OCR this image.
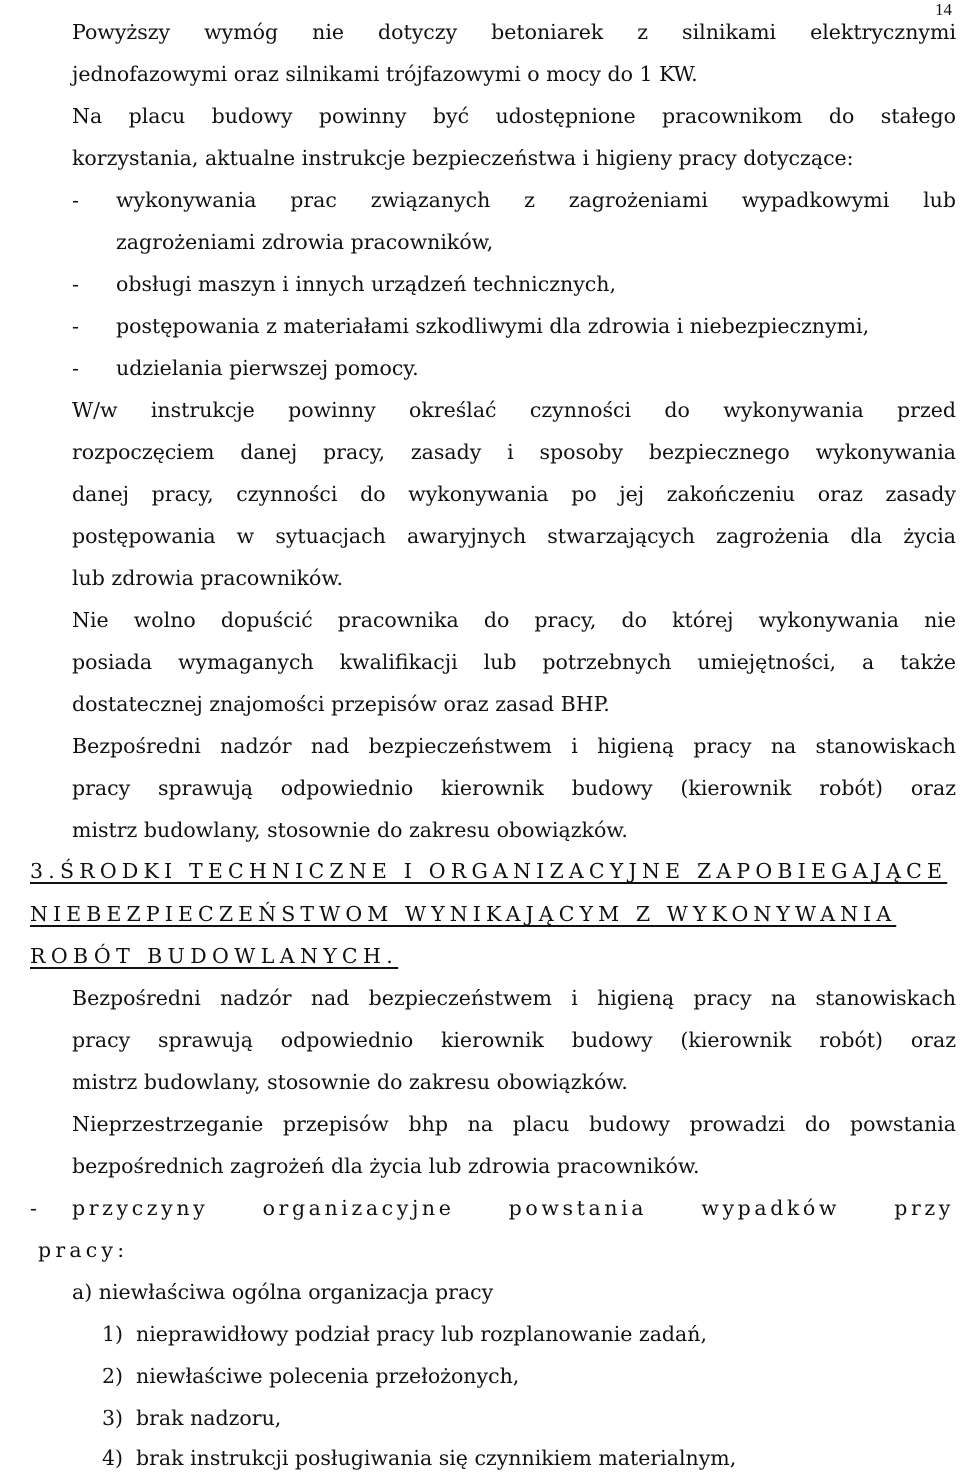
14
Powyższy wymóg nie dotyczy betoniarek z silnikami elektrycznymi
jednofazowymi oraz silnikami trójfazowymi o mocy do 1 KW.
Na placu budowy powinny być udostępnione pracownikom do stałego
korzystania, aktualne instrukcje bezpieczeństwa i higieny pracy dotyczące:
- wykonywania prac związanych z zagrożeniami wypadkowymi lub
zagrożeniami zdrowia pracowników,
- obsługi maszyn i innych urządzeń technicznych,
- postępowania z materiałami szkodliwymi dla zdrowia i niebezpiecznymi,
- udzielania pierwszej pomocy.
W/w instrukcje powinny określać czynności do wykonywania przed
rozpoczęciem danej pracy, zasady i sposoby bezpiecznego wykonywania
danej pracy, czynności do wykonywania po jej zakończeniu oraz zasady
postępowania w sytuacjach awaryjnych stwarzających zagrożenia dla życia
lub zdrowia pracowników.
Nie wolno dopuścić pracownika do pracy, do której wykonywania nie
posiada wymaganych kwalifikacji lub potrzebnych umiejętności, a także
dostatecznej znajomości przepisów oraz zasad BHP.
Bezpośredni nadzór nad bezpieczeństwem i higieną pracy na stanowiskach
pracy sprawują odpowiednio kierownik budowy (kierownik robót) oraz
mistrz budowlany, stosownie do zakresu obowiązków.
3.ŚRODKI TECHNICZNE I ORGANIZACYJNE ZAPOBIEGAJĄCE
NIEBEZPIECZEŃSTWOM WYNIKAJĄCYM Z WYKONYWANIA
ROBÓT BUDOWLANYCH.
Bezpośredni nadzór nad bezpieczeństwem i higieną pracy na stanowiskach
pracy sprawują odpowiednio kierownik budowy (kierownik robót) oraz
mistrz budowlany, stosownie do zakresu obowiązków.
Nieprzestrzeganie przepisów bhp na placu budowy prowadzi do powstania
bezpośrednich zagrożeń dla życia lub zdrowia pracowników.
- przyczyny organizacyjne powstania wypadków przy
pracy:
a) niewłaściwa ogólna organizacja pracy
1) nieprawidłowy podział pracy lub rozplanowanie zadań,
2) niewłaściwe polecenia przełożonych,
3) brak nadzoru,
4) brak instrukcji posługiwania się czynnikiem materialnym,
